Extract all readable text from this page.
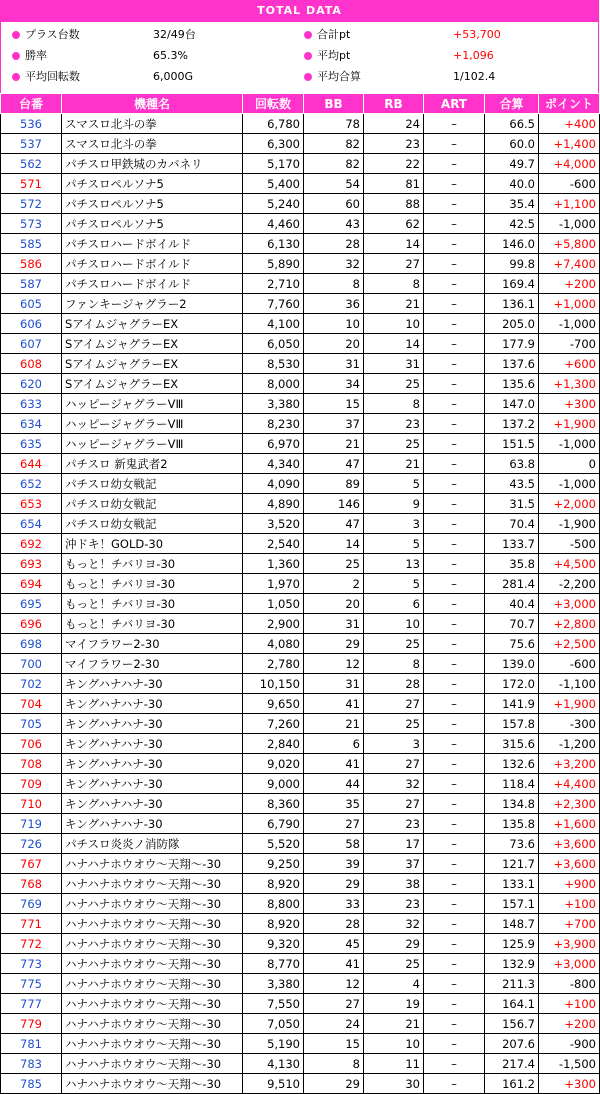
TOTAL DATA
プラス台数	32/49台	合計pt	+53,700
勝率	65.3%	平均pt	+1,096
平均回転数	6,000G	平均合算	1/102.4
台番	機種名	回転数	BB	RB	ART	合算	ポイント
536	スマスロ北斗の拳	6,780	78	24	–	66.5	+400
537	スマスロ北斗の拳	6,300	82	23	–	60.0	+1,400
562	パチスロ甲鉄城のカバネリ	5,170	82	22	–	49.7	+4,000
571	パチスロペルソナ5	5,400	54	81	–	40.0	-600
572	パチスロペルソナ5	5,240	60	88	–	35.4	+1,100
573	パチスロペルソナ5	4,460	43	62	–	42.5	-1,000
585	パチスロハードボイルド	6,130	28	14	–	146.0	+5,800
586	パチスロハードボイルド	5,890	32	27	–	99.8	+7,400
587	パチスロハードボイルド	2,710	8	8	–	169.4	+200
605	ファンキージャグラー2	7,760	36	21	–	136.1	+1,000
606	SアイムジャグラーEX	4,100	10	10	–	205.0	-1,000
607	SアイムジャグラーEX	6,050	20	14	–	177.9	-700
608	SアイムジャグラーEX	8,530	31	31	–	137.6	+600
620	SアイムジャグラーEX	8,000	34	25	–	135.6	+1,300
633	ハッピージャグラーVⅢ	3,380	15	8	–	147.0	+300
634	ハッピージャグラーVⅢ	8,230	37	23	–	137.2	+1,900
635	ハッピージャグラーVⅢ	6,970	21	25	–	151.5	-1,000
644	パチスロ 新鬼武者2	4,340	47	21	–	63.8	0
652	パチスロ幼女戦記	4,090	89	5	–	43.5	-1,000
653	パチスロ幼女戦記	4,890	146	9	–	31.5	+2,000
654	パチスロ幼女戦記	3,520	47	3	–	70.4	-1,900
692	沖ドキ！GOLD-30	2,540	14	5	–	133.7	-500
693	もっと！チバリヨ-30	1,360	25	13	–	35.8	+4,500
694	もっと！チバリヨ-30	1,970	2	5	–	281.4	-2,200
695	もっと！チバリヨ-30	1,050	20	6	–	40.4	+3,000
696	もっと！チバリヨ-30	2,900	31	10	–	70.7	+2,800
698	マイフラワー2-30	4,080	29	25	–	75.6	+2,500
700	マイフラワー2-30	2,780	12	8	–	139.0	-600
702	キングハナハナ-30	10,150	31	28	–	172.0	-1,100
704	キングハナハナ-30	9,650	41	27	–	141.9	+1,900
705	キングハナハナ-30	7,260	21	25	–	157.8	-300
706	キングハナハナ-30	2,840	6	3	–	315.6	-1,200
708	キングハナハナ-30	9,020	41	27	–	132.6	+3,200
709	キングハナハナ-30	9,000	44	32	–	118.4	+4,400
710	キングハナハナ-30	8,360	35	27	–	134.8	+2,300
719	キングハナハナ-30	6,790	27	23	–	135.8	+1,600
726	パチスロ炎炎ノ消防隊	5,520	58	17	–	73.6	+3,600
767	ハナハナホウオウ～天翔～-30	9,250	39	37	–	121.7	+3,600
768	ハナハナホウオウ～天翔～-30	8,920	29	38	–	133.1	+900
769	ハナハナホウオウ～天翔～-30	8,800	33	23	–	157.1	+100
771	ハナハナホウオウ～天翔～-30	8,920	28	32	–	148.7	+700
772	ハナハナホウオウ～天翔～-30	9,320	45	29	–	125.9	+3,900
773	ハナハナホウオウ～天翔～-30	8,770	41	25	–	132.9	+3,000
775	ハナハナホウオウ～天翔～-30	3,380	12	4	–	211.3	-800
777	ハナハナホウオウ～天翔～-30	7,550	27	19	–	164.1	+100
779	ハナハナホウオウ～天翔～-30	7,050	24	21	–	156.7	+200
781	ハナハナホウオウ～天翔～-30	5,190	15	10	–	207.6	-900
783	ハナハナホウオウ～天翔～-30	4,130	8	11	–	217.4	-1,500
785	ハナハナホウオウ～天翔～-30	9,510	29	30	–	161.2	+300
